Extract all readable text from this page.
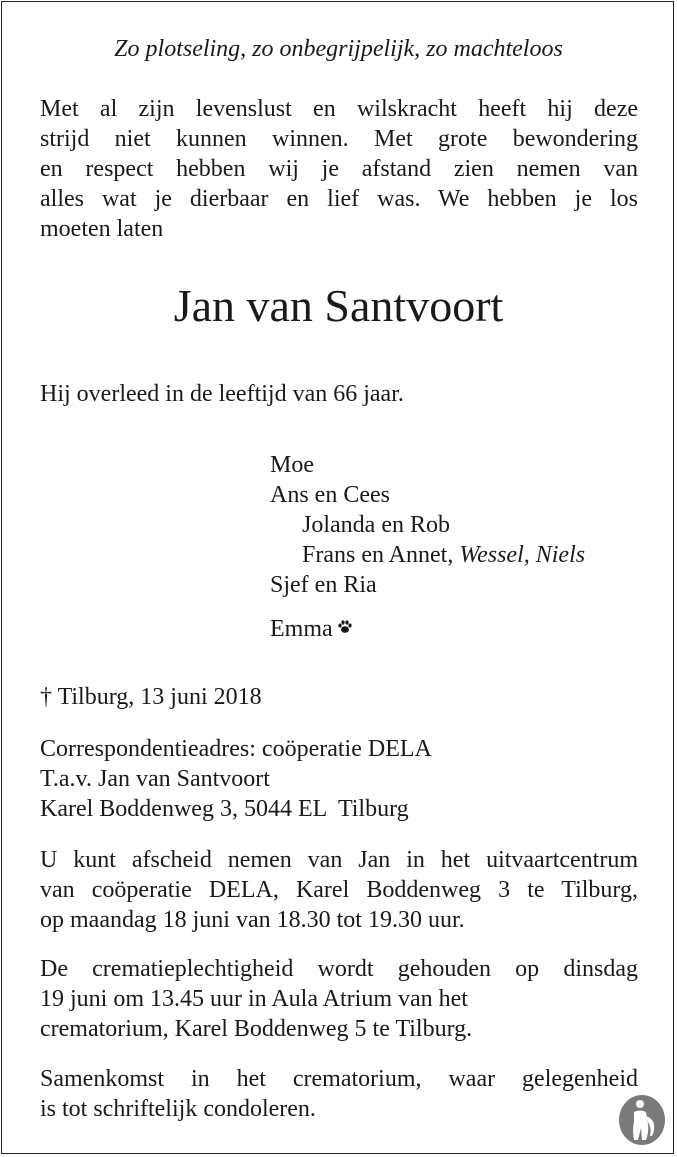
Zo plotseling, zo onbegrijpelijk, zo machteloos
Met al zijn levenslust en wilskracht heeft hij deze
strijd niet kunnen winnen. Met grote bewondering
en respect hebben wij je afstand zien nemen van
alles wat je dierbaar en lief was. We hebben je los
moeten laten
Jan van Santvoort
Hij overleed in de leeftijd van 66 jaar.
Moe
Ans en Cees
Jolanda en Rob
Frans en Annet, Wessel, Niels
Sjef en Ria
Emma
† Tilburg, 13 juni 2018
Correspondentieadres: coöperatie DELA
T.a.v. Jan van Santvoort
Karel Boddenweg 3, 5044 EL  Tilburg
U kunt afscheid nemen van Jan in het uitvaartcentrum
van coöperatie DELA, Karel Boddenweg 3 te Tilburg,
op maandag 18 juni van 18.30 tot 19.30 uur.
De crematieplechtigheid wordt gehouden op dinsdag
19 juni om 13.45 uur in Aula Atrium van het
crematorium, Karel Boddenweg 5 te Tilburg.
Samenkomst in het crematorium, waar gelegenheid
is tot schriftelijk condoleren.
